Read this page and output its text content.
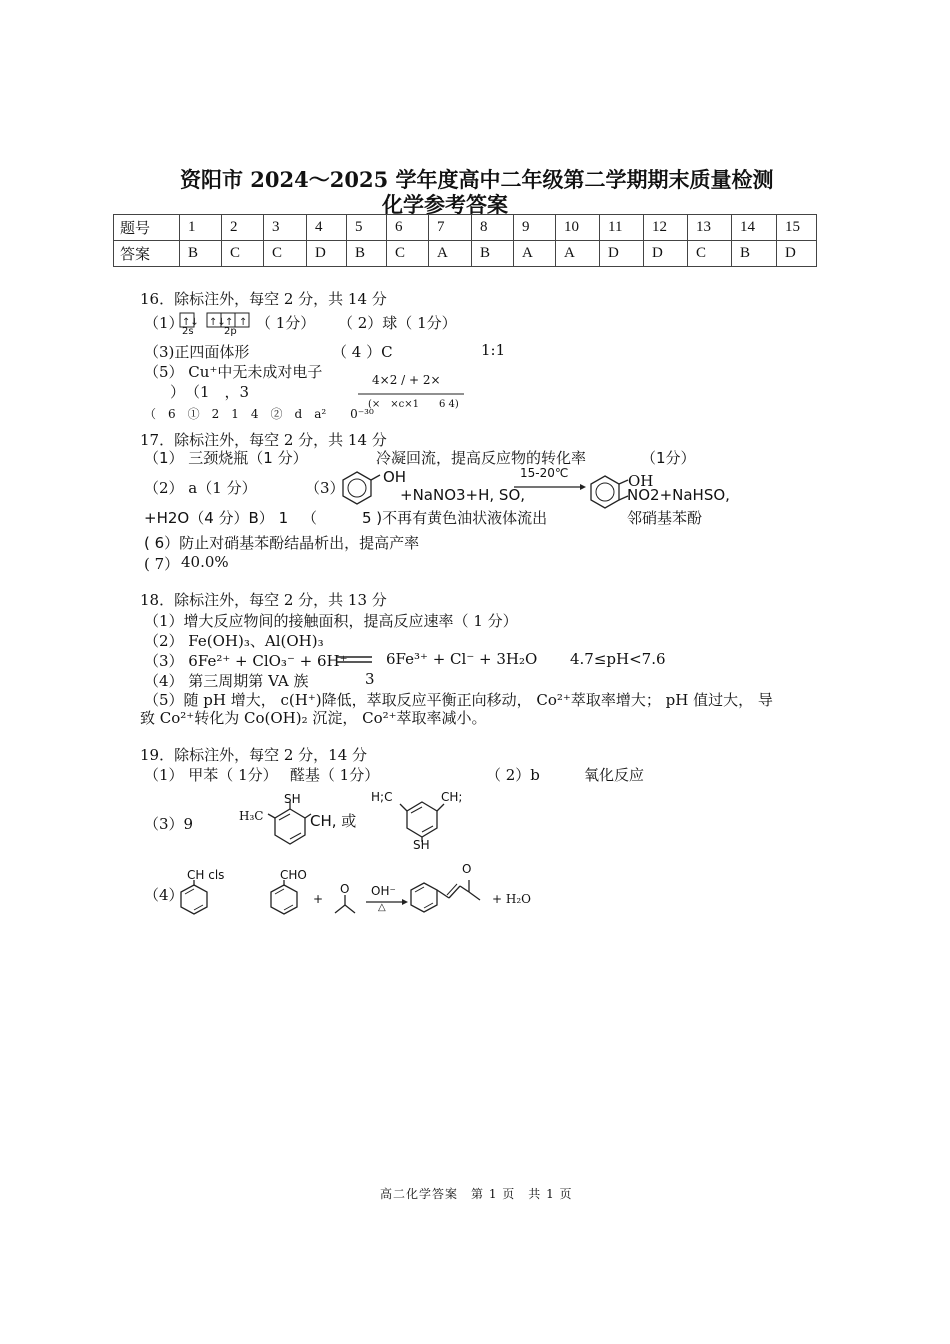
资阳市 2024～2025 学年度高中二年级第二学期期末质量检测
化学参考答案
题号	1	2	3	4	5	6	7	8	9	10	11	12	13	14	15
答案	B	C	C	D	B	C	A	B	A	A	D	D	C	B	D
16．除标注外，每空 2 分，共 14 分
（1）
↑↓ ↑↓ ↑ ↑
2s	2p （ 1分） （ 2）球（ 1分）
（3)正四面体形	（ 4 ）C	1:1
（5） Cu⁺中无未成对电子
）　（1　，3
4×2 / + 2×
(×　×c×1　　6 4)
（　6　①　2　1　4　②　d　a²　　0⁻³⁰
17．除标注外，每空 2 分，共 14 分
（1） 三颈烧瓶（1 分）	冷凝回流，提高反应物的转化率	（1分）
（2） a（1 分）	（3）
OH
+NaNO3+H, SO,
15-20℃	OH
NO2+NaHSO,
邻硝基苯酚
+H2O（4 分）B） 1 （　　　5 )不再有黄色油状液体流出
( 6）防止对硝基苯酚结晶析出，提高产率
( 7） 40.0%
18．除标注外，每空 2 分，共 13 分
（1）增大反应物间的接触面积，提高反应速率（ 1 分）
（2） Fe(OH)₃、Al(OH)₃
（3） 6Fe²⁺ + ClO₃⁻ + 6H⁺	6Fe³⁺ + Cl⁻ + 3H₂O 4.7≤pH<7.6
（4） 第三周期第 VA 族	3
（5）随 pH 增大， c(H⁺)降低，萃取反应平衡正向移动， Co²⁺萃取率增大； pH 值过大， 导
致 Co²⁺转化为 Co(OH)₂ 沉淀， Co²⁺萃取率减小。
19．除标注外，每空 2 分，14 分
（1） 甲苯（ 1分）　 醛基（ 1分）	（ 2）b	氧化反应
（3）9
SH
H₃C	CH, 或
H;C	CH;
SH
（4）
CH cls	CHO
+
O OH⁻
△
O
+ H₂O
高二化学答案　第 1 页　共 1 页
